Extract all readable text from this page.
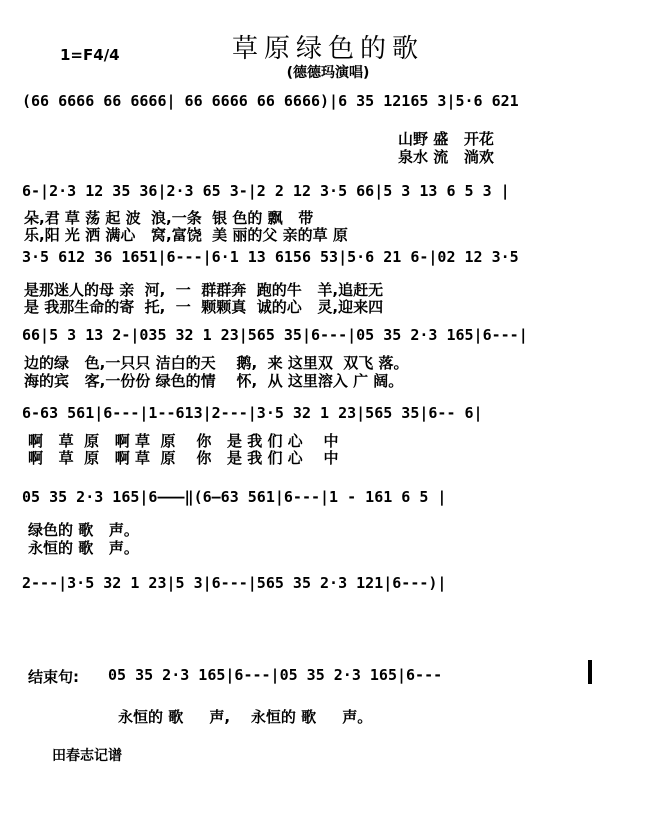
草原绿色的歌
1=F4/4
(德德玛演唱)
(66 6666 66 6666| 66 6666 66 6666)|6 35 12165 3|5·6 621
山野 盛   开花
泉水 流   淌欢
6-|2·3 12 35 36|2·3 65 3-|2 2 12 3·5 66|5 3 13 6 5 3 |
朵,君 草 荡 起 波  浪,一条  银 色的 飘   带
乐,阳 光 洒 满心   窝,富饶  美 丽的父 亲的草 原
3·5 612 36 1651|6---|6·1 13 6156 53|5·6 21 6-|02 12 3·5
是那迷人的母 亲  河,  一  群群奔  跑的牛   羊,追赶无
是 我那生命的寄  托,  一  颗颗真  诚的心   灵,迎来四
66|5 3 13 2-|035 32 1 23|565 35|6---|05 35 2·3 165|6---|
边的绿   色,一只只 洁白的天    鹅,  来 这里双  双飞 落。
海的宾   客,一份份 绿色的情    怀,  从 这里溶入 广 阔。
6-63 561|6---|1--613|2---|3·5 32 1 23|565 35|6-- 6|
啊   草  原   啊 草  原    你   是 我 们 心    中
啊   草  原   啊 草  原    你   是 我 们 心    中
05 35 2·3 165|6———‖(6—63 561|6---|1 - 161 6 5 |
绿色的 歌   声。
永恒的 歌   声。
2---|3·5 32 1 23|5 3|6---|565 35 2·3 121|6---)|
结束句: 05 35 2·3 165|6---|05 35 2·3 165|6---
永恒的 歌     声,    永恒的 歌     声。
田春志记谱
